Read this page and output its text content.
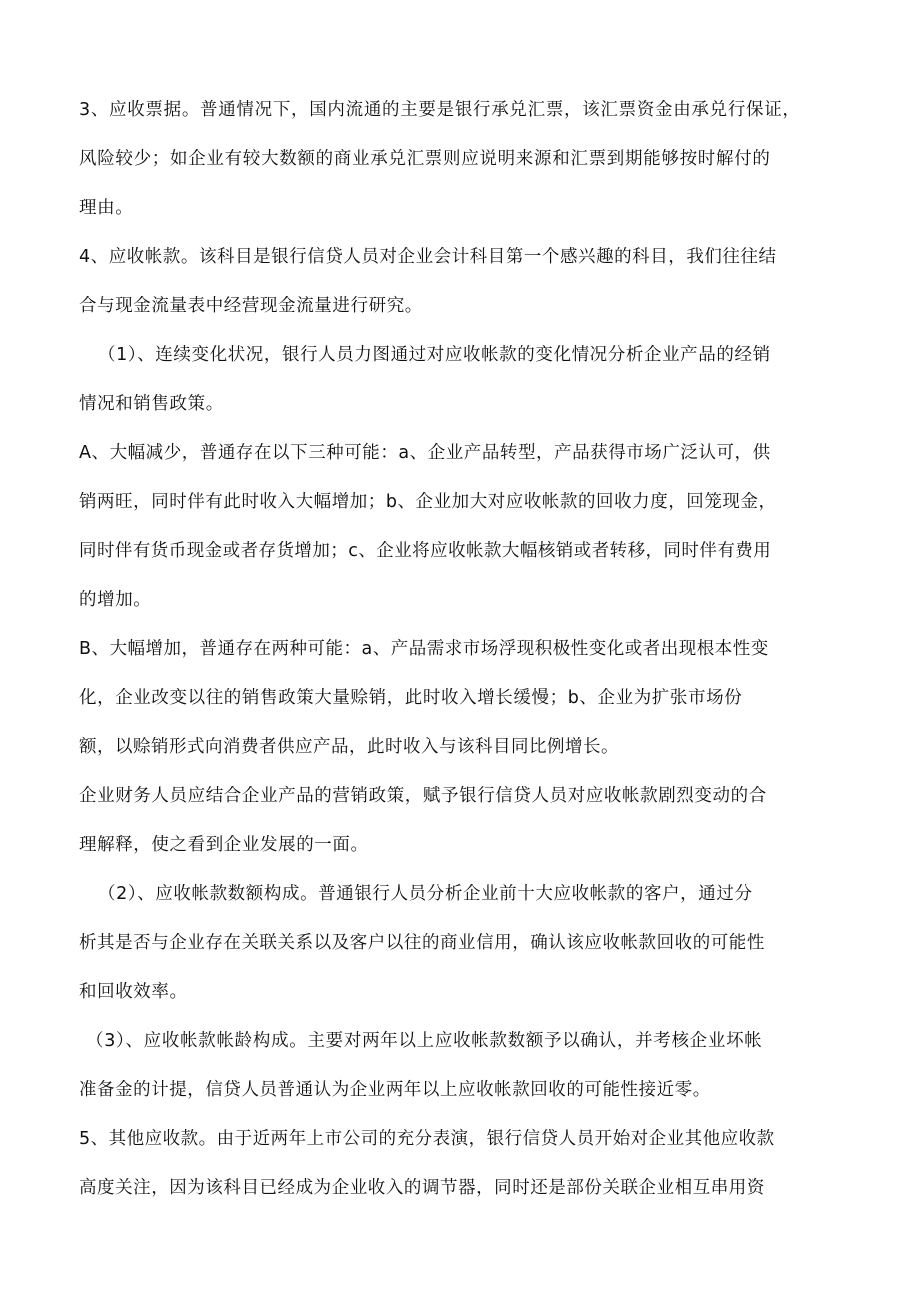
3、应收票据。普通情况下，国内流通的主要是银行承兑汇票，该汇票资金由承兑行保证，
风险较少；如企业有较大数额的商业承兑汇票则应说明来源和汇票到期能够按时解付的
理由。
4、应收帐款。该科目是银行信贷人员对企业会计科目第一个感兴趣的科目，我们往往结
合与现金流量表中经营现金流量进行研究。
（1）、连续变化状况，银行人员力图通过对应收帐款的变化情况分析企业产品的经销
情况和销售政策。
A、大幅减少，普通存在以下三种可能：a、企业产品转型，产品获得市场广泛认可，供
销两旺，同时伴有此时收入大幅增加；b、企业加大对应收帐款的回收力度，回笼现金，
同时伴有货币现金或者存货增加；c、企业将应收帐款大幅核销或者转移，同时伴有费用
的增加。
B、大幅增加，普通存在两种可能：a、产品需求市场浮现积极性变化或者出现根本性变
化，企业改变以往的销售政策大量赊销，此时收入增长缓慢；b、企业为扩张市场份
额，以赊销形式向消费者供应产品，此时收入与该科目同比例增长。
企业财务人员应结合企业产品的营销政策，赋予银行信贷人员对应收帐款剧烈变动的合
理解释，使之看到企业发展的一面。
（2）、应收帐款数额构成。普通银行人员分析企业前十大应收帐款的客户，通过分
析其是否与企业存在关联关系以及客户以往的商业信用，确认该应收帐款回收的可能性
和回收效率。
（3）、应收帐款帐龄构成。主要对两年以上应收帐款数额予以确认，并考核企业坏帐
准备金的计提，信贷人员普通认为企业两年以上应收帐款回收的可能性接近零。
5、其他应收款。由于近两年上市公司的充分表演，银行信贷人员开始对企业其他应收款
高度关注，因为该科目已经成为企业收入的调节器，同时还是部份关联企业相互串用资
